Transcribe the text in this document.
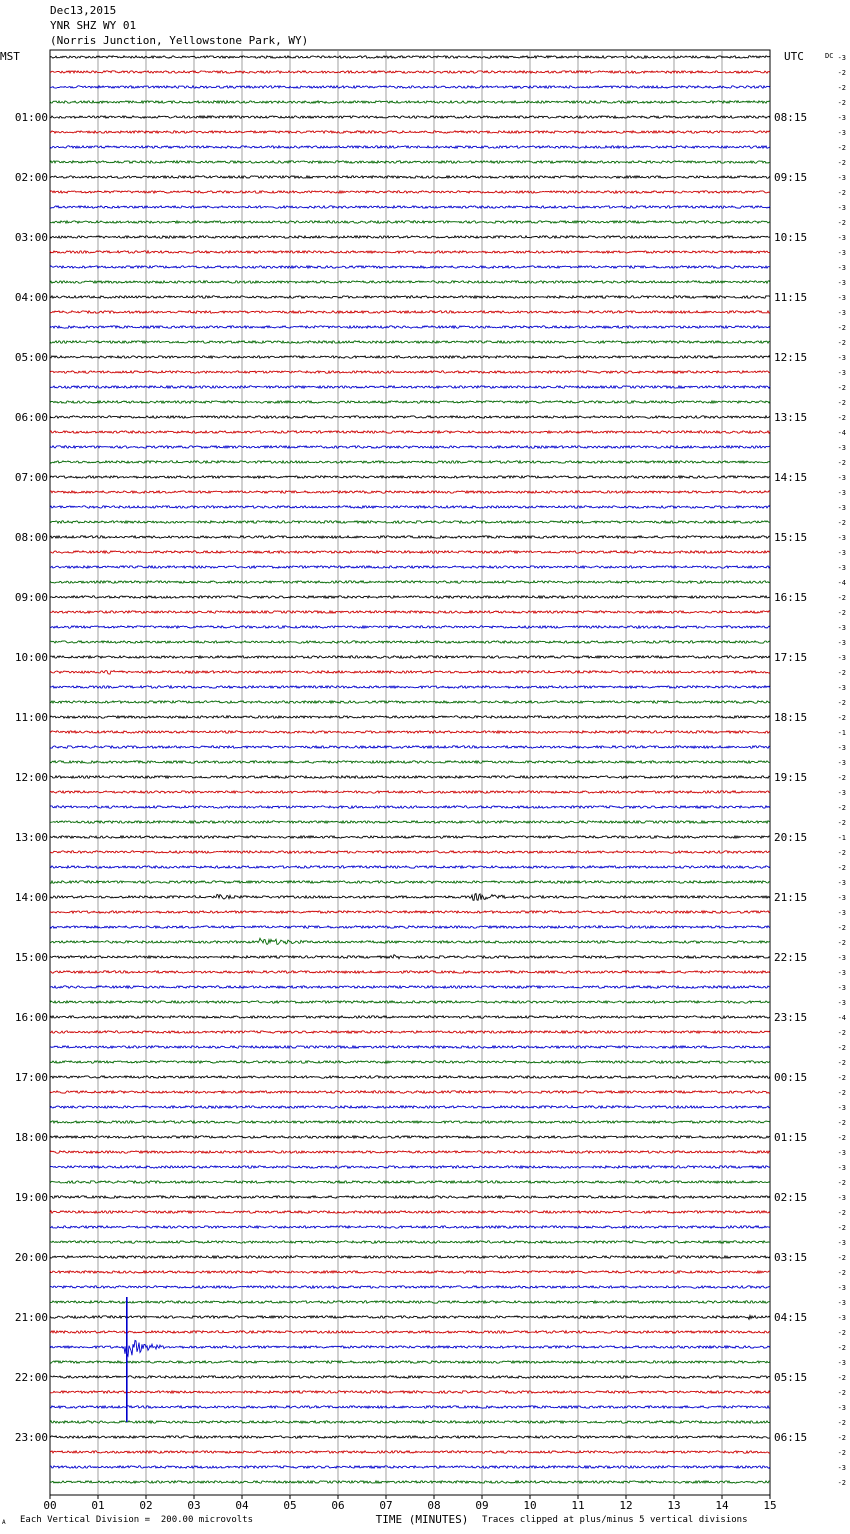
Dec13,2015
YNR SHZ WY 01
(Norris Junction, Yellowstone Park, WY)
MST	UTC	DC
01:00
02:00
03:00
04:00
05:00
06:00
07:00
08:00
09:00
10:00
11:00
12:00
13:00
14:00
15:00
16:00
17:00
18:00
19:00
20:00
21:00
22:00
23:00
08:15
09:15
10:15
11:15
12:15
13:15
14:15
15:15
16:15
17:15
18:15
19:15
20:15
21:15
22:15
23:15
00:15
01:15
02:15
03:15
04:15
05:15
06:15
-3
-2
-2
-2
-3
-3
-2
-2
-3
-2
-3
-2
-3
-3
-3
-3
-3
-3
-2
-2
-3
-3
-2
-2
-2
-4
-3
-2
-3
-3
-3
-2
-3
-3
-3
-4
-2
-2
-3
-3
-3
-2
-3
-2
-2
-1
-3
-3
-2
-3
-2
-2
-1
-2
-2
-3
-3
-3
-2
-2
-3
-3
-3
-3
-4
-2
-2
-2
-2
-2
-3
-2
-2
-3
-3
-2
-3
-2
-2
-3
-2
-2
-3
-3
-3
-2
-2
-3
-2
-2
-3
-2
-2
-2
-3
-2
00	01	02	03	04	05	06	07	08	09	10	11	12	13	14	15
TIME (MINUTES)
A Each Vertical Division =  200.00 microvolts	Traces clipped at plus/minus 5 vertical divisions
